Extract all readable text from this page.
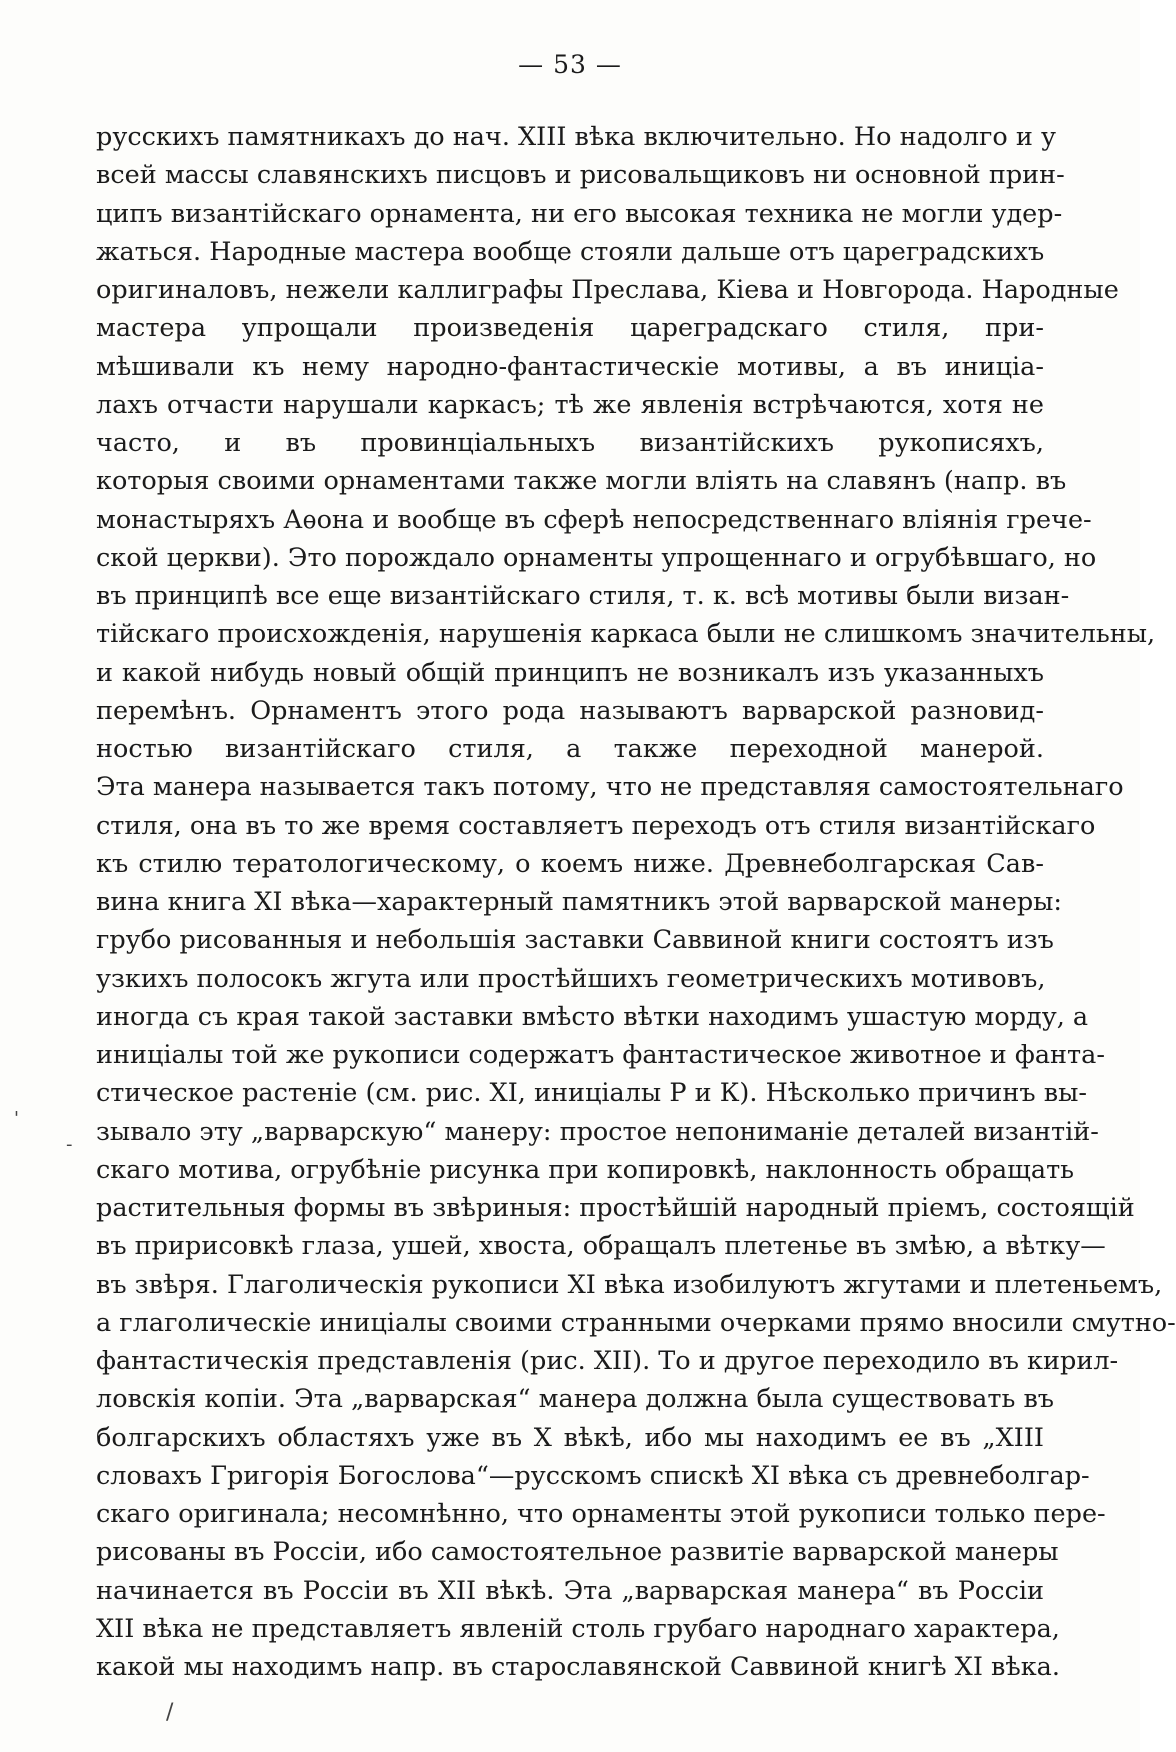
— 53 —
русскихъ памятникахъ до нач. XIII вѣка включительно. Но надолго и у
всей массы славянскихъ писцовъ и рисовальщиковъ ни основной прин-
ципъ византійскаго орнамента, ни его высокая техника не могли удер-
жаться. Народные мастера вообще стояли дальше отъ цареградскихъ
оригиналовъ, нежели каллиграфы Преслава, Кіева и Новгорода. Народные
мастера упрощали произведенія цареградскаго стиля, при-
мѣшивали къ нему народно-фантастическіе мотивы, а въ иниціа-
лахъ отчасти нарушали каркасъ; тѣ же явленія встрѣчаются, хотя не
часто, и въ провинціальныхъ византійскихъ рукописяхъ,
которыя своими орнаментами также могли вліять на славянъ (напр. въ
монастыряхъ Аѳона и вообще въ сферѣ непосредственнаго вліянія грече-
ской церкви). Это порождало орнаменты упрощеннаго и огрубѣвшаго, но
въ принципѣ все еще византійскаго стиля, т. к. всѣ мотивы были визан-
тійскаго происхожденія, нарушенія каркаса были не слишкомъ значительны,
и какой нибудь новый общій принципъ не возникалъ изъ указанныхъ
перемѣнъ. Орнаментъ этого рода называютъ варварской разновид-
ностью византійскаго стиля, а также переходной манерой.
Эта манера называется такъ потому, что не представляя самостоятельнаго
стиля, она въ то же время составляетъ переходъ отъ стиля византійскаго
къ стилю тератологическому, о коемъ ниже. Древнеболгарская Сав-
вина книга XI вѣка—характерный памятникъ этой варварской манеры:
грубо рисованныя и небольшія заставки Саввиной книги состоятъ изъ
узкихъ полосокъ жгута или простѣйшихъ геометрическихъ мотивовъ,
иногда съ края такой заставки вмѣсто вѣтки находимъ ушастую морду, а
иниціалы той же рукописи содержатъ фантастическое животное и фанта-
стическое растеніе (см. рис. XI, иниціалы Р и К). Нѣсколько причинъ вы-
зывало эту „варварскую“ манеру: простое непониманіе деталей византій-
скаго мотива, огрубѣніе рисунка при копировкѣ, наклонность обращать
растительныя формы въ звѣриныя: простѣйшій народный пріемъ, состоящій
въ пририсовкѣ глаза, ушей, хвоста, обращалъ плетенье въ змѣю, а вѣтку—
въ звѣря. Глаголическія рукописи XI вѣка изобилуютъ жгутами и плетеньемъ,
а глаголическіе иниціалы своими странными очерками прямо вносили смутно-
фантастическія представленія (рис. XII). То и другое переходило въ кирил-
ловскія копіи. Эта „варварская“ манера должна была существовать въ
болгарскихъ областяхъ уже въ X вѣкѣ, ибо мы находимъ ее въ „XIII
словахъ Григорія Богослова“—русскомъ спискѣ XI вѣка съ древнеболгар-
скаго оригинала; несомнѣнно, что орнаменты этой рукописи только пере-
рисованы въ Россіи, ибо самостоятельное развитіе варварской манеры
начинается въ Россіи въ XII вѣкѣ. Эта „варварская манера“ въ Россіи
XII вѣка не представляетъ явленій столь грубаго народнаго характера,
какой мы находимъ напр. въ старославянской Саввиной книгѣ XI вѣка.
'
-
/
